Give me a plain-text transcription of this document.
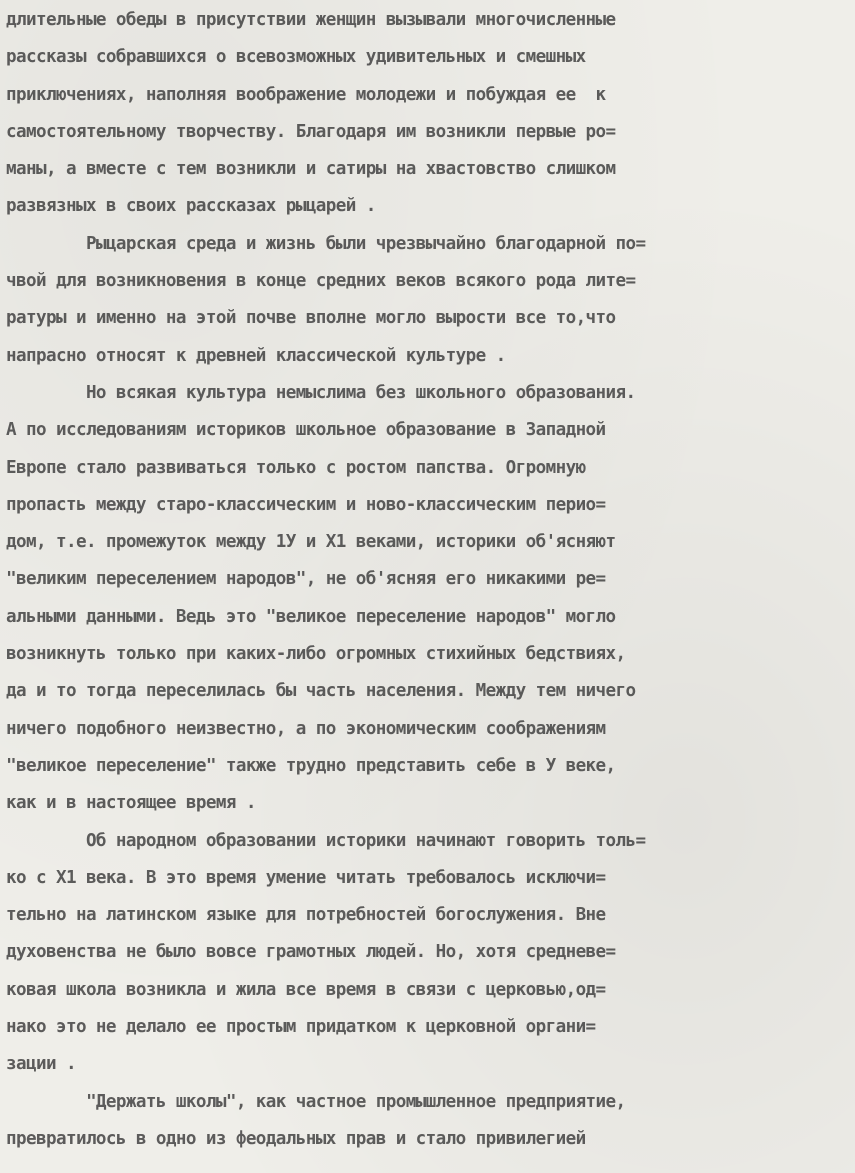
длительные обеды в присутствии женщин вызывали многочисленные
рассказы собравшихся о всевозможных удивительных и смешных
приключениях, наполняя воображение молодежи и побуждая ее  к
самостоятельному творчеству. Благодаря им возникли первые ро=
маны, а вместе с тем возникли и сатиры на хвастовство слишком
развязных в своих рассказах рыцарей .
Рыцарская среда и жизнь были чрезвычайно благодарной по=
чвой для возникновения в конце средних веков всякого рода лите=
ратуры и именно на этой почве вполне могло вырости все то,что
напрасно относят к древней классической культуре .
Но всякая культура немыслима без школьного образования.
А по исследованиям историков школьное образование в Западной
Европе стало развиваться только с ростом папства. Огромную
пропасть между старо-классическим и ново-классическим перио=
дом, т.е. промежуток между 1У и Х1 веками, историки об'ясняют
"великим переселением народов", не об'ясняя его никакими ре=
альными данными. Ведь это "великое переселение народов" могло
возникнуть только при каких-либо огромных стихийных бедствиях,
да и то тогда переселилась бы часть населения. Между тем ничего
ничего подобного неизвестно, а по экономическим соображениям
"великое переселение" также трудно представить себе в У веке,
как и в настоящее время .
Об народном образовании историки начинают говорить толь=
ко с Х1 века. В это время умение читать требовалось исключи=
тельно на латинском языке для потребностей богослужения. Вне
духовенства не было вовсе грамотных людей. Но, хотя средневе=
ковая школа возникла и жила все время в связи с церковью,од=
нако это не делало ее простым придатком к церковной органи=
зации .
"Держать школы", как частное промышленное предприятие,
превратилось в одно из феодальных прав и стало привилегией
